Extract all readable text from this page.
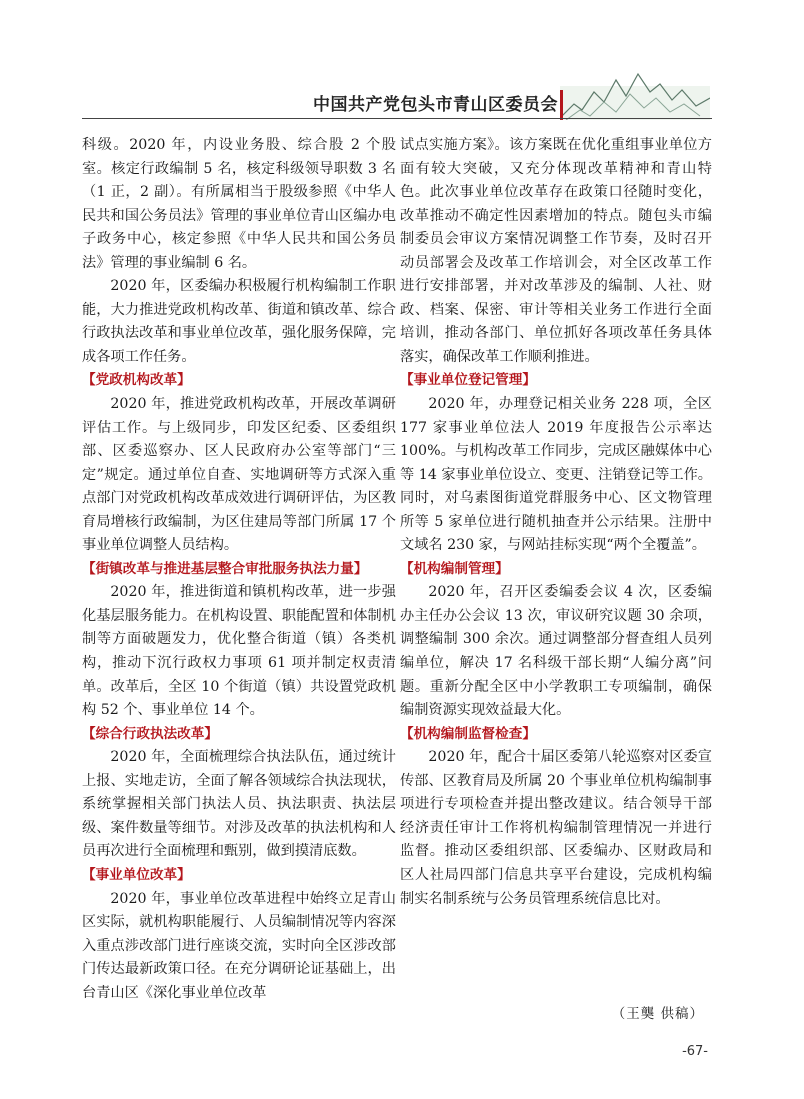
中国共产党包头市青山区委员会

科级。2020 年，内设业务股、综合股 2 个股室。核定行政编制 5 名，核定科级领导职数 3 名（1 正，2 副）。有所属相当于股级参照《中华人民共和国公务员法》管理的事业单位青山区编办电子政务中心，核定参照《中华人民共和国公务员法》管理的事业编制 6 名。

2020 年，区委编办积极履行机构编制工作职能，大力推进党政机构改革、街道和镇改革、综合行政执法改革和事业单位改革，强化服务保障，完成各项工作任务。

【党政机构改革】

2020 年，推进党政机构改革，开展改革调研评估工作。与上级同步，印发区纪委、区委组织部、区委巡察办、区人民政府办公室等部门“三定”规定。通过单位自查、实地调研等方式深入重点部门对党政机构改革成效进行调研评估，为区教育局增核行政编制，为区住建局等部门所属 17 个事业单位调整人员结构。

【街镇改革与推进基层整合审批服务执法力量】

2020 年，推进街道和镇机构改革，进一步强化基层服务能力。在机构设置、职能配置和体制机制等方面破题发力，优化整合街道（镇）各类机构，推动下沉行政权力事项 61 项并制定权责清单。改革后，全区 10 个街道（镇）共设置党政机构 52 个、事业单位 14 个。

【综合行政执法改革】

2020 年，全面梳理综合执法队伍，通过统计上报、实地走访，全面了解各领域综合执法现状，系统掌握相关部门执法人员、执法职责、执法层级、案件数量等细节。对涉及改革的执法机构和人员再次进行全面梳理和甄别，做到摸清底数。

【事业单位改革】

2020 年，事业单位改革进程中始终立足青山区实际，就机构职能履行、人员编制情况等内容深入重点涉改部门进行座谈交流，实时向全区涉改部门传达最新政策口径。在充分调研论证基础上，出台青山区《深化事业单位改革

试点实施方案》。该方案既在优化重组事业单位方面有较大突破，又充分体现改革精神和青山特色。此次事业单位改革存在政策口径随时变化，改革推动不确定性因素增加的特点。随包头市编制委员会审议方案情况调整工作节奏，及时召开动员部署会及改革工作培训会，对全区改革工作进行安排部署，并对改革涉及的编制、人社、财政、档案、保密、审计等相关业务工作进行全面培训，推动各部门、单位抓好各项改革任务具体落实，确保改革工作顺利推进。

【事业单位登记管理】

2020 年，办理登记相关业务 228 项，全区 177 家事业单位法人 2019 年度报告公示率达 100%。与机构改革工作同步，完成区融媒体中心等 14 家事业单位设立、变更、注销登记等工作。同时，对乌素图街道党群服务中心、区文物管理所等 5 家单位进行随机抽查并公示结果。注册中文域名 230 家，与网站挂标实现“两个全覆盖”。

【机构编制管理】

2020 年，召开区委编委会议 4 次，区委编办主任办公会议 13 次，审议研究议题 30 余项，调整编制 300 余次。通过调整部分督查组人员列编单位，解决 17 名科级干部长期“人编分离”问题。重新分配全区中小学教职工专项编制，确保编制资源实现效益最大化。

【机构编制监督检查】

2020 年，配合十届区委第八轮巡察对区委宣传部、区教育局及所属 20 个事业单位机构编制事项进行专项检查并提出整改建议。结合领导干部经济责任审计工作将机构编制管理情况一并进行监督。推动区委组织部、区委编办、区财政局和区人社局四部门信息共享平台建设，完成机构编制实名制系统与公务员管理系统信息比对。

（王龑 供稿）
-67-
